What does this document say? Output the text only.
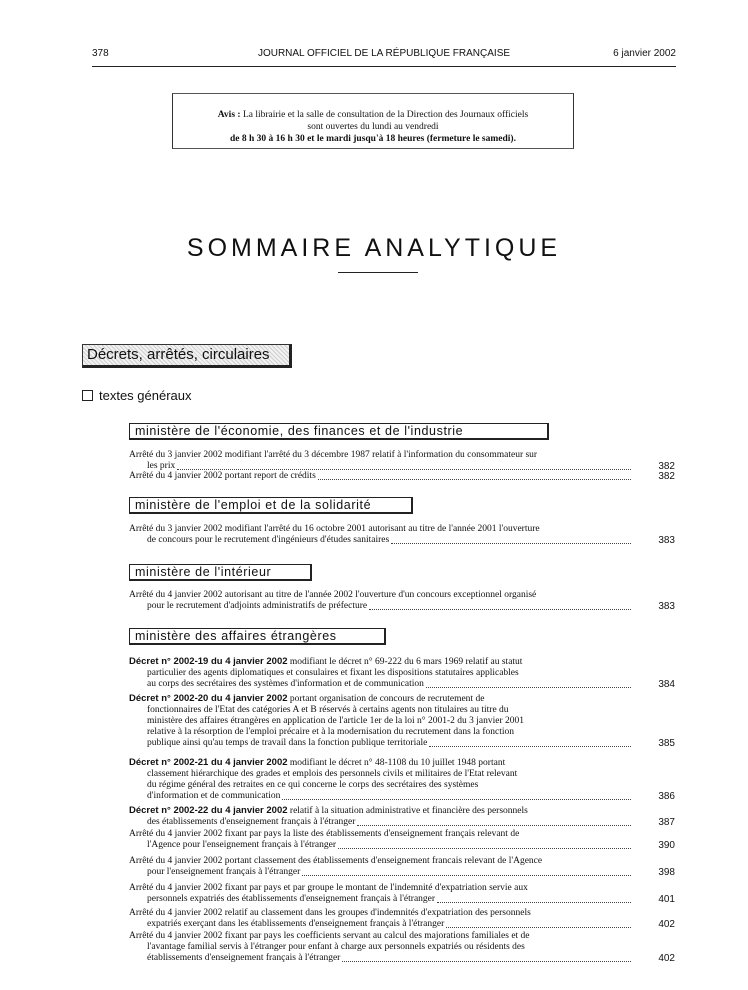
378	JOURNAL OFFICIEL DE LA RÉPUBLIQUE FRANÇAISE	6 janvier 2002
Avis : La librairie et la salle de consultation de la Direction des Journaux officiels
sont ouvertes du lundi au vendredi
de 8 h 30 à 16 h 30 et le mardi jusqu'à 18 heures (fermeture le samedi).
SOMMAIRE ANALYTIQUE
Décrets, arrêtés, circulaires
textes généraux
ministère de l'économie, des finances et de l'industrie
Arrêté du 3 janvier 2002 modifiant l'arrêté du 3 décembre 1987 relatif à l'information du consommateur sur
les prix	382
Arrêté du 4 janvier 2002 portant report de crédits	382
ministère de l'emploi et de la solidarité
Arrêté du 3 janvier 2002 modifiant l'arrêté du 16 octobre 2001 autorisant au titre de l'année 2001 l'ouverture
de concours pour le recrutement d'ingénieurs d'études sanitaires	383
ministère de l'intérieur
Arrêté du 4 janvier 2002 autorisant au titre de l'année 2002 l'ouverture d'un concours exceptionnel organisé
pour le recrutement d'adjoints administratifs de préfecture	383
ministère des affaires étrangères
Décret n° 2002-19 du 4 janvier 2002 modifiant le décret n° 69-222 du 6 mars 1969 relatif au statut
particulier des agents diplomatiques et consulaires et fixant les dispositions statutaires applicables
au corps des secrétaires des systèmes d'information et de communication	384
Décret n° 2002-20 du 4 janvier 2002 portant organisation de concours de recrutement de
fonctionnaires de l'Etat des catégories A et B réservés à certains agents non titulaires au titre du
ministère des affaires étrangères en application de l'article 1er de la loi n° 2001-2 du 3 janvier 2001
relative à la résorption de l'emploi précaire et à la modernisation du recrutement dans la fonction
publique ainsi qu'au temps de travail dans la fonction publique territoriale	385
Décret n° 2002-21 du 4 janvier 2002 modifiant le décret n° 48-1108 du 10 juillet 1948 portant
classement hiérarchique des grades et emplois des personnels civils et militaires de l'Etat relevant
du régime général des retraites en ce qui concerne le corps des secrétaires des systèmes
d'information et de communication	386
Décret n° 2002-22 du 4 janvier 2002 relatif à la situation administrative et financière des personnels
des établissements d'enseignement français à l'étranger	387
Arrêté du 4 janvier 2002 fixant par pays la liste des établissements d'enseignement français relevant de
l'Agence pour l'enseignement français à l'étranger	390
Arrêté du 4 janvier 2002 portant classement des établissements d'enseignement francais relevant de l'Agence
pour l'enseignement français à l'étranger	398
Arrêté du 4 janvier 2002 fixant par pays et par groupe le montant de l'indemnité d'expatriation servie aux
personnels expatriés des établissements d'enseignement français à l'étranger	401
Arrêté du 4 janvier 2002 relatif au classement dans les groupes d'indemnités d'expatriation des personnels
expatriés exerçant dans les établissements d'enseignement français à l'étranger	402
Arrêté du 4 janvier 2002 fixant par pays les coefficients servant au calcul des majorations familiales et de
l'avantage familial servis à l'étranger pour enfant à charge aux personnels expatriés ou résidents des
établissements d'enseignement français à l'étranger	402
